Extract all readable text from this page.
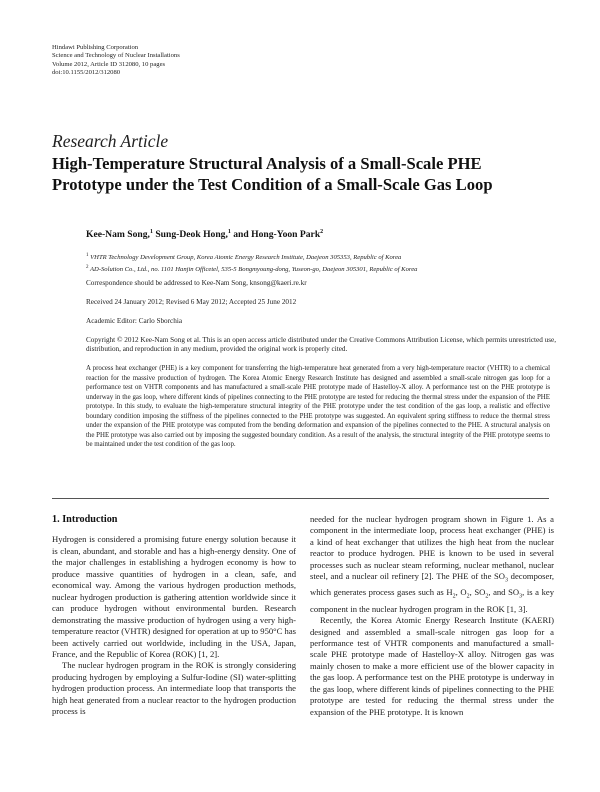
Hindawi Publishing Corporation
Science and Technology of Nuclear Installations
Volume 2012, Article ID 312080, 10 pages
doi:10.1155/2012/312080
Research Article
High-Temperature Structural Analysis of a Small-Scale PHE
Prototype under the Test Condition of a Small-Scale Gas Loop
Kee-Nam Song,$^1$ Sung-Deok Hong,$^1$ and Hong-Yoon Park$^2$
$^1$ VHTR Technology Development Group, Korea Atomic Energy Research Institute, Daejeon 305353, Republic of Korea
$^2$ AD-Solution Co., Ltd., no. 1101 Hanjin Officetel, 535-5 Bongmyoung-dong, Yuseon-go, Daejeon 305301, Republic of Korea
Correspondence should be addressed to Kee-Nam Song, knsong@kaeri.re.kr
Received 24 January 2012; Revised 6 May 2012; Accepted 25 June 2012
Academic Editor: Carlo Sborchia
Copyright © 2012 Kee-Nam Song et al. This is an open access article distributed under the Creative Commons Attribution License, which permits unrestricted use, distribution, and reproduction in any medium, provided the original work is properly cited.
A process heat exchanger (PHE) is a key component for transferring the high-temperature heat generated from a very high-temperature reactor (VHTR) to a chemical reaction for the massive production of hydrogen. The Korea Atomic Energy Research Institute has designed and assembled a small-scale nitrogen gas loop for a performance test on VHTR components and has manufactured a small-scale PHE prototype made of Hastelloy-X alloy. A performance test on the PHE prototype is underway in the gas loop, where different kinds of pipelines connecting to the PHE prototype are tested for reducing the thermal stress under the expansion of the PHE prototype. In this study, to evaluate the high-temperature structural integrity of the PHE prototype under the test condition of the gas loop, a realistic and effective boundary condition imposing the stiffness of the pipelines connected to the PHE prototype was suggested. An equivalent spring stiffness to reduce the thermal stress under the expansion of the PHE prototype was computed from the bending deformation and expansion of the pipelines connected to the PHE. A structural analysis on the PHE prototype was also carried out by imposing the suggested boundary condition. As a result of the analysis, the structural integrity of the PHE prototype seems to be maintained under the test condition of the gas loop.
1. Introduction

Hydrogen is considered a promising future energy solution because it is clean, abundant, and storable and has a high-energy density. One of the major challenges in establishing a hydrogen economy is how to produce massive quantities of hydrogen in a clean, safe, and economical way. Among the various hydrogen production methods, nuclear hydrogen production is gathering attention worldwide since it can produce hydrogen without environmental burden. Research demonstrating the massive production of hydrogen using a very high-temperature reactor (VHTR) designed for operation at up to 950°C has been actively carried out worldwide, including in the USA, Japan, France, and the Republic of Korea (ROK) [1, 2].

The nuclear hydrogen program in the ROK is strongly considering producing hydrogen by employing a Sulfur-Iodine (SI) water-splitting hydrogen production process. An intermediate loop that transports the high heat generated from a nuclear reactor to the hydrogen production process is

needed for the nuclear hydrogen program shown in Figure 1. As a component in the intermediate loop, process heat exchanger (PHE) is a kind of heat exchanger that utilizes the high heat from the nuclear reactor to produce hydrogen. PHE is known to be used in several processes such as nuclear steam reforming, nuclear methanol, nuclear steel, and a nuclear oil refinery [2]. The PHE of the $SO_3$ decomposer, which generates process gases such as $H_2$, $O_2$, $SO_2$, and $SO_3$, is a key component in the nuclear hydrogen program in the ROK [1, 3].

Recently, the Korea Atomic Energy Research Institute (KAERI) designed and assembled a small-scale nitrogen gas loop for a performance test of VHTR components and manufactured a small-scale PHE prototype made of Hastelloy-X alloy. Nitrogen gas was mainly chosen to make a more efficient use of the blower capacity in the gas loop. A performance test on the PHE prototype is underway in the gas loop, where different kinds of pipelines connecting to the PHE prototype are tested for reducing the thermal stress under the expansion of the PHE prototype. It is known
